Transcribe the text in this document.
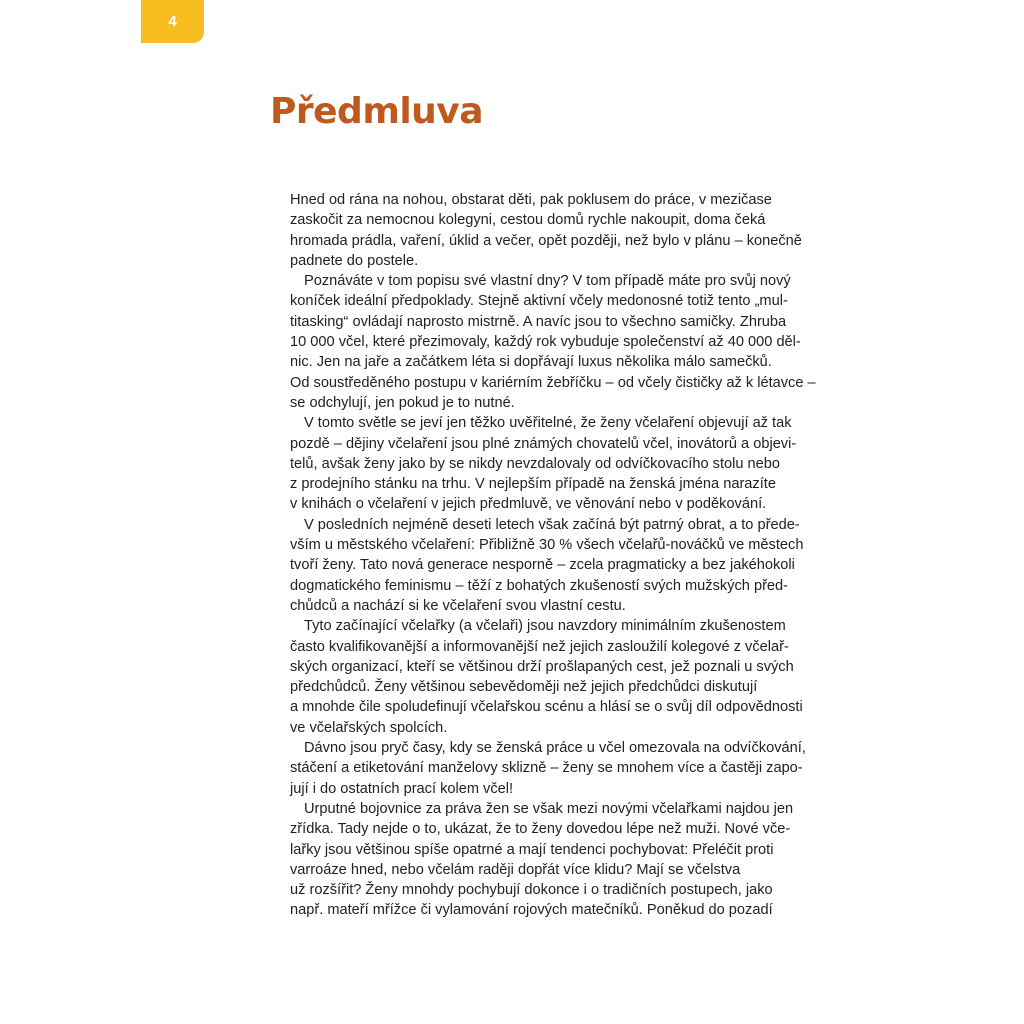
4
Předmluva
Hned od rána na nohou, obstarat děti, pak poklusem do práce, v mezičase
zaskočit za nemocnou kolegyni, cestou domů rychle nakoupit, doma čeká
hromada prádla, vaření, úklid a večer, opět později, než bylo v plánu – konečně
padnete do postele.
Poznáváte v tom popisu své vlastní dny? V tom případě máte pro svůj nový
koníček ideální předpoklady. Stejně aktivní včely medonosné totiž tento „mul-
titasking“ ovládají naprosto mistrně. A navíc jsou to všechno samičky. Zhruba
10 000 včel, které přezimovaly, každý rok vybuduje společenství až 40 000 děl-
nic. Jen na jaře a začátkem léta si dopřávají luxus několika málo samečků.
Od soustředěného postupu v kariérním žebříčku – od včely čističky až k létavce –
se odchylují, jen pokud je to nutné.
V tomto světle se jeví jen těžko uvěřitelné, že ženy včelaření objevují až tak
pozdě – dějiny včelaření jsou plné známých chovatelů včel, inovátorů a objevi-
telů, avšak ženy jako by se nikdy nevzdalovaly od odvíčkovacího stolu nebo
z prodejního stánku na trhu. V nejlepším případě na ženská jména narazíte
v knihách o včelaření v jejich předmluvě, ve věnování nebo v poděkování.
V posledních nejméně deseti letech však začíná být patrný obrat, a to přede-
vším u městského včelaření: Přibližně 30 % všech včelařů-nováčků ve městech
tvoří ženy. Tato nová generace nesporně – zcela pragmaticky a bez jakéhokoli
dogmatického feminismu – těží z bohatých zkušeností svých mužských před-
chůdců a nachází si ke včelaření svou vlastní cestu.
Tyto začínající včelařky (a včelaři) jsou navzdory minimálním zkušenostem
často kvalifikovanější a informovanější než jejich zasloužilí kolegové z včelař-
ských organizací, kteří se většinou drží prošlapaných cest, jež poznali u svých
předchůdců. Ženy většinou sebevědoměji než jejich předchůdci diskutují
a mnohde čile spoludefinují včelařskou scénu a hlásí se o svůj díl odpovědnosti
ve včelařských spolcích.
Dávno jsou pryč časy, kdy se ženská práce u včel omezovala na odvíčkování,
stáčení a etiketování manželovy sklizně – ženy se mnohem více a častěji zapo-
jují i do ostatních prací kolem včel!
Urputné bojovnice za práva žen se však mezi novými včelařkami najdou jen
zřídka. Tady nejde o to, ukázat, že to ženy dovedou lépe než muži. Nové vče-
lařky jsou většinou spíše opatrné a mají tendenci pochybovat: Přeléčit proti
varroáze hned, nebo včelám raději dopřát více klidu? Mají se včelstva
už rozšířit? Ženy mnohdy pochybují dokonce i o tradičních postupech, jako
např. mateří mřížce či vylamování rojových matečníků. Poněkud do pozadí
